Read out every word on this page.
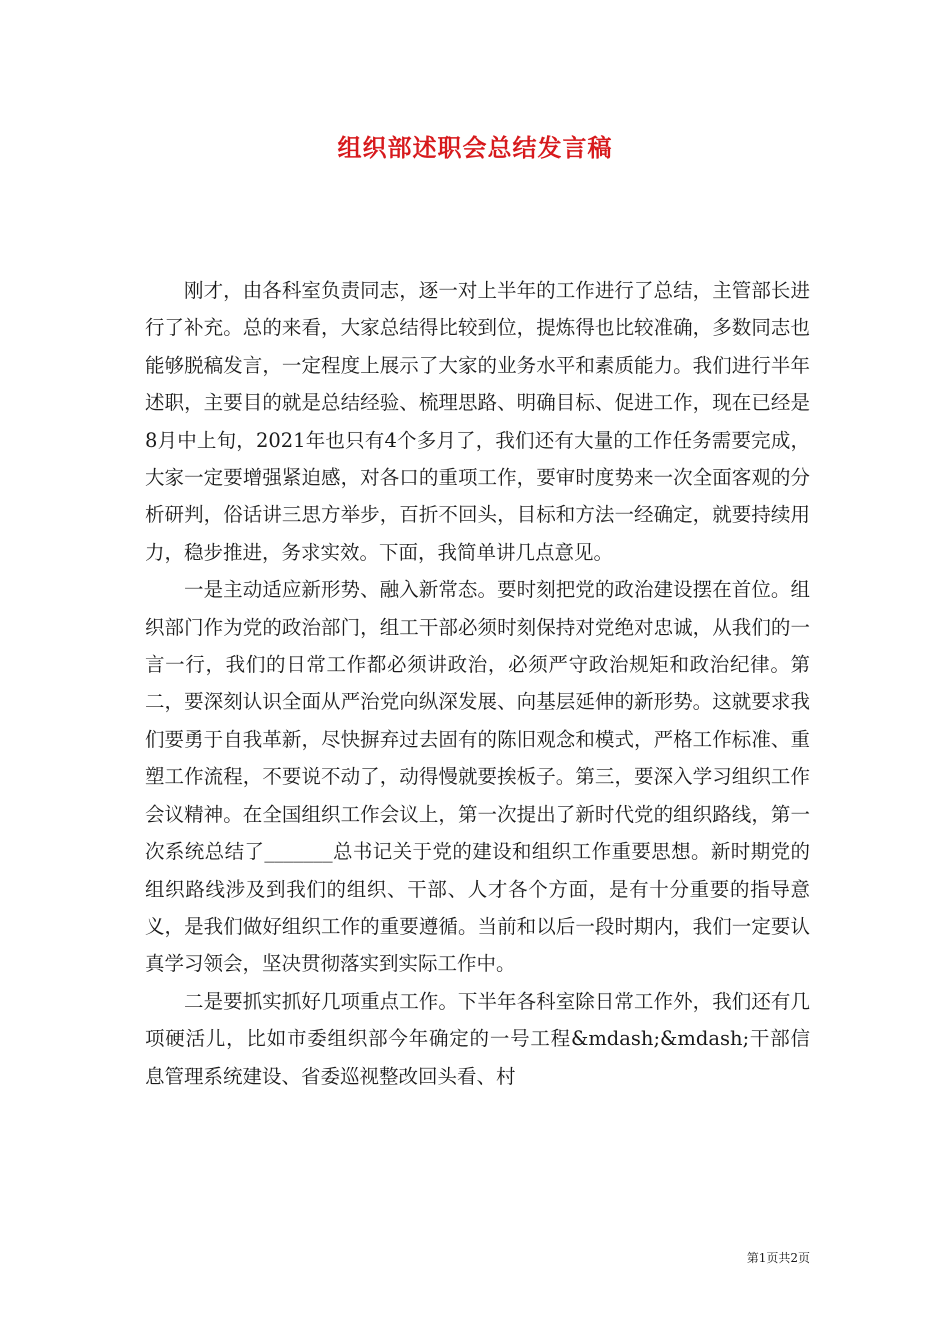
组织部述职会总结发言稿

刚才，由各科室负责同志，逐一对上半年的工作进行了总结，主管部长进行了补充。总的来看，大家总结得比较到位，提炼得也比较准确，多数同志也能够脱稿发言，一定程度上展示了大家的业务水平和素质能力。我们进行半年述职，主要目的就是总结经验、梳理思路、明确目标、促进工作，现在已经是8月中上旬，2021年也只有4个多月了，我们还有大量的工作任务需要完成，大家一定要增强紧迫感，对各口的重项工作，要审时度势来一次全面客观的分析研判，俗话讲三思方举步，百折不回头，目标和方法一经确定，就要持续用力，稳步推进，务求实效。下面，我简单讲几点意见。

一是主动适应新形势、融入新常态。要时刻把党的政治建设摆在首位。组织部门作为党的政治部门，组工干部必须时刻保持对党绝对忠诚，从我们的一言一行，我们的日常工作都必须讲政治，必须严守政治规矩和政治纪律。第二，要深刻认识全面从严治党向纵深发展、向基层延伸的新形势。这就要求我们要勇于自我革新，尽快摒弃过去固有的陈旧观念和模式，严格工作标准、重塑工作流程，不要说不动了，动得慢就要挨板子。第三，要深入学习组织工作会议精神。在全国组织工作会议上，第一次提出了新时代党的组织路线，第一次系统总结了_______总书记关于党的建设和组织工作重要思想。新时期党的组织路线涉及到我们的组织、干部、人才各个方面，是有十分重要的指导意义，是我们做好组织工作的重要遵循。当前和以后一段时期内，我们一定要认真学习领会，坚决贯彻落实到实际工作中。

二是要抓实抓好几项重点工作。下半年各科室除日常工作外，我们还有几项硬活儿，比如市委组织部今年确定的一号工程&mdash;&mdash;干部信息管理系统建设、省委巡视整改回头看、村

第1页共2页
